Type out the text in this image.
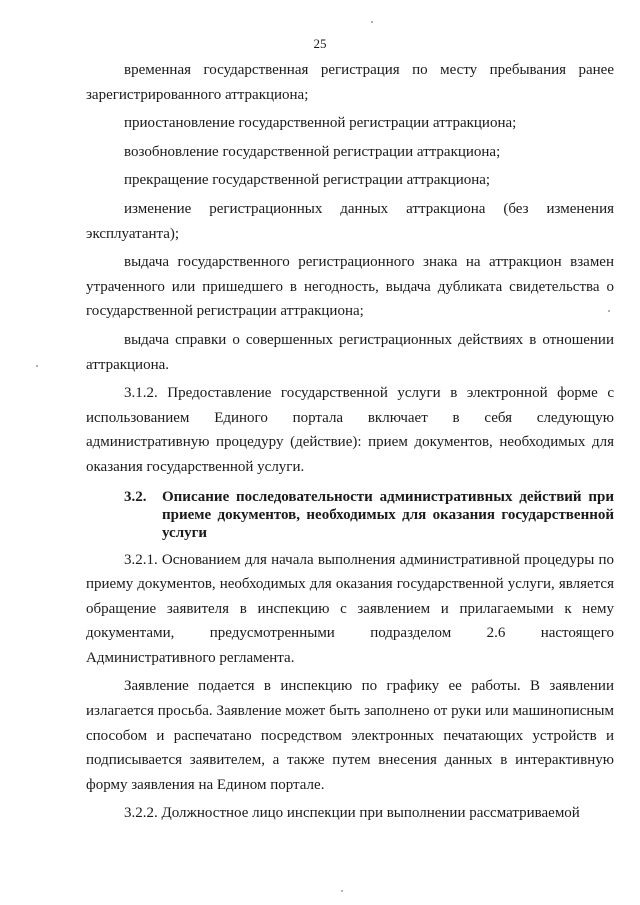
25

временная государственная регистрация по месту пребывания ранее зарегистрированного аттракциона;

приостановление государственной регистрации аттракциона;

возобновление государственной регистрации аттракциона;

прекращение государственной регистрации аттракциона;

изменение регистрационных данных аттракциона (без изменения эксплуатанта);

выдача государственного регистрационного знака на аттракцион взамен утраченного или пришедшего в негодность, выдача дубликата свидетельства о государственной регистрации аттракциона;

выдача справки о совершенных регистрационных действиях в отношении аттракциона.

3.1.2. Предоставление государственной услуги в электронной форме с использованием Единого портала включает в себя следующую административную процедуру (действие): прием документов, необходимых для оказания государственной услуги.

3.2.	Описание последовательности административных действий при приеме документов, необходимых для оказания государственной услуги

3.2.1. Основанием для начала выполнения административной процедуры по приему документов, необходимых для оказания государственной услуги, является обращение заявителя в инспекцию с заявлением и прилагаемыми к нему документами, предусмотренными подразделом 2.6 настоящего Административного регламента.

Заявление подается в инспекцию по графику ее работы. В заявлении излагается просьба. Заявление может быть заполнено от руки или машинописным способом и распечатано посредством электронных печатающих устройств и подписывается заявителем, а также путем внесения данных в интерактивную форму заявления на Едином портале.

3.2.2. Должностное лицо инспекции при выполнении рассматриваемой
